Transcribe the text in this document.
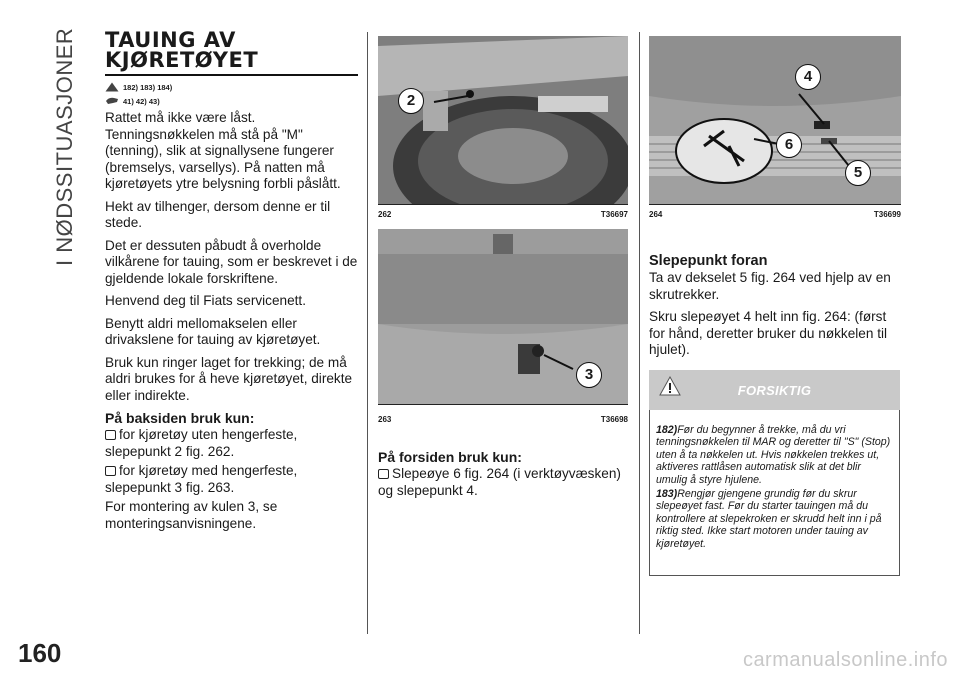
I NØDSSITUASJONER
160	carmanualsonline.info
TAUING AV
KJØRETØYET
182) 183) 184)
41) 42) 43)

Rattet må ikke være låst. Tenningsnøkkelen må stå på "M" (tenning), slik at signallysene fungerer (bremselys, varsellys). På natten må kjøretøyets ytre belysning forbli påslått.

Hekt av tilhenger, dersom denne er til stede.

Det er dessuten påbudt å overholde vilkårene for tauing, som er beskrevet i de gjeldende lokale forskriftene.

Henvend deg til Fiats servicenett.

Benytt aldri mellomakselen eller drivakslene for tauing av kjøretøyet.

Bruk kun ringer laget for trekking; de må aldri brukes for å heve kjøretøyet, direkte eller indirekte.

På baksiden bruk kun:
for kjøretøy uten hengerfeste, slepepunkt 2 fig. 262.
for kjøretøy med hengerfeste, slepepunkt 3 fig. 263.

For montering av kulen 3, se monteringsanvisningene.

2
262	T36697
3
263	T36698
På forsiden bruk kun:
Slepeøye 6 fig. 264 (i verktøyvæsken) og slepepunkt 4.
4
6
5
264	T36699
Slepepunkt foran

Ta av dekselet 5 fig. 264 ved hjelp av en skrutrekker.

Skru slepeøyet 4 helt inn fig. 264: (først for hånd, deretter bruker du nøkkelen til hjulet).

FORSIKTIG
182)Før du begynner å trekke, må du vri tenningsnøkkelen til MAR og deretter til "S" (Stop) uten å ta nøkkelen ut. Hvis nøkkelen trekkes ut, aktiveres rattlåsen automatisk slik at det blir umulig å styre hjulene.
183)Rengjør gjengene grundig før du skrur slepeøyet fast. Før du starter tauingen må du kontrollere at slepekroken er skrudd helt inn i på riktig sted. Ikke start motoren under tauing av kjøretøyet.
